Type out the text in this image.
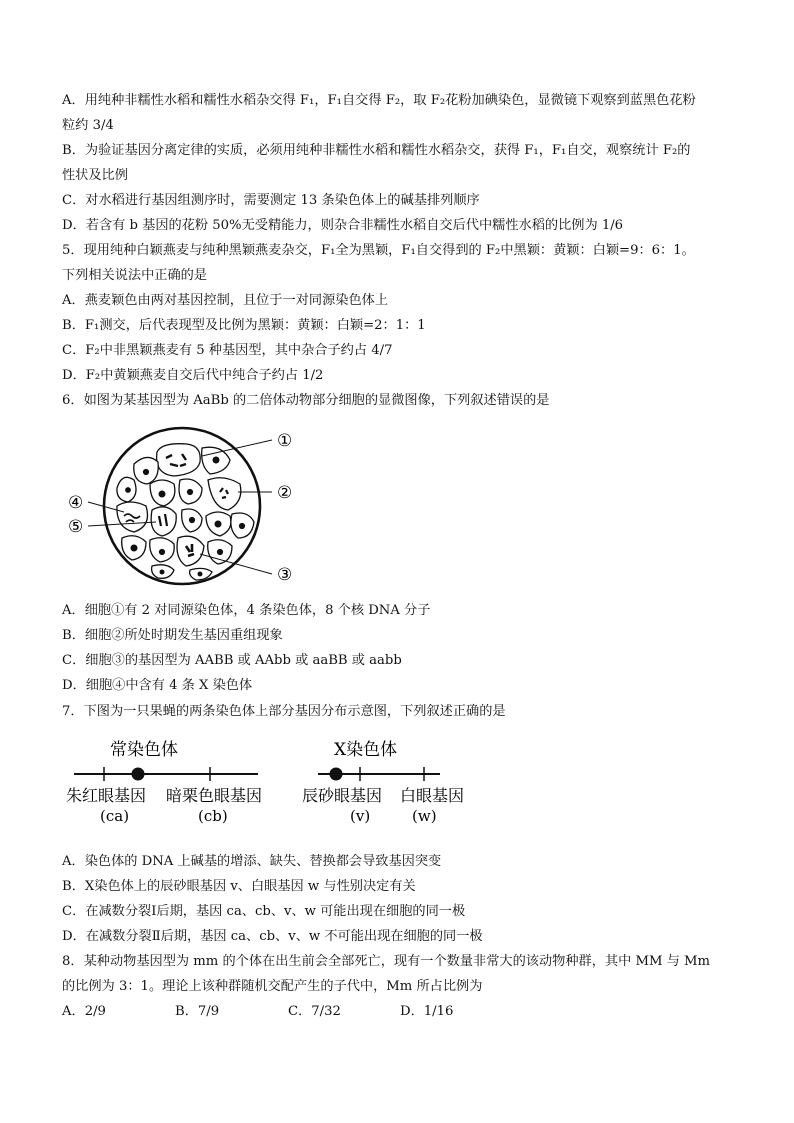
A．用纯种非糯性水稻和糯性水稻杂交得 F₁，F₁自交得 F₂，取 F₂花粉加碘染色，显微镜下观察到蓝黑色花粉
粒约 3/4
B．为验证基因分离定律的实质，必须用纯种非糯性水稻和糯性水稻杂交，获得 F₁，F₁自交，观察统计 F₂的
性状及比例
C．对水稻进行基因组测序时，需要测定 13 条染色体上的碱基排列顺序
D．若含有 b 基因的花粉 50%无受精能力，则杂合非糯性水稻自交后代中糯性水稻的比例为 1/6
5．现用纯种白颖燕麦与纯种黑颖燕麦杂交，F₁全为黑颖，F₁自交得到的 F₂中黑颖：黄颖：白颖=9：6：1。
下列相关说法中正确的是
A．燕麦颖色由两对基因控制，且位于一对同源染色体上
B．F₁测交，后代表现型及比例为黑颖：黄颖：白颖=2：1：1
C．F₂中非黑颖燕麦有 5 种基因型，其中杂合子约占 4/7
D．F₂中黄颖燕麦自交后代中纯合子约占 1/2
6．如图为某基因型为 AaBb 的二倍体动物部分细胞的显微图像，下列叙述错误的是
①
②
③
④
⑤
A．细胞①有 2 对同源染色体，4 条染色体，8 个核 DNA 分子
B．细胞②所处时期发生基因重组现象
C．细胞③的基因型为 AABB 或 AAbb 或 aaBB 或 aabb
D．细胞④中含有 4 条 X 染色体
7．下图为一只果蝇的两条染色体上部分基因分布示意图，下列叙述正确的是
常染色体
朱红眼基因
(ca)
暗栗色眼基因
(cb)
X染色体
辰砂眼基因
(v)
白眼基因
(w)
A．染色体的 DNA 上碱基的增添、缺失、替换都会导致基因突变
B．X染色体上的辰砂眼基因 v、白眼基因 w 与性别决定有关
C．在减数分裂Ⅰ后期，基因 ca、cb、v、w 可能出现在细胞的同一极
D．在减数分裂Ⅱ后期，基因 ca、cb、v、w 不可能出现在细胞的同一极
8．某种动物基因型为 mm 的个体在出生前会全部死亡，现有一个数量非常大的该动物种群，其中 MM 与 Mm
的比例为 3：1。理论上该种群随机交配产生的子代中，Mm 所占比例为
A．2/9	B．7/9	C．7/32	D．1/16
